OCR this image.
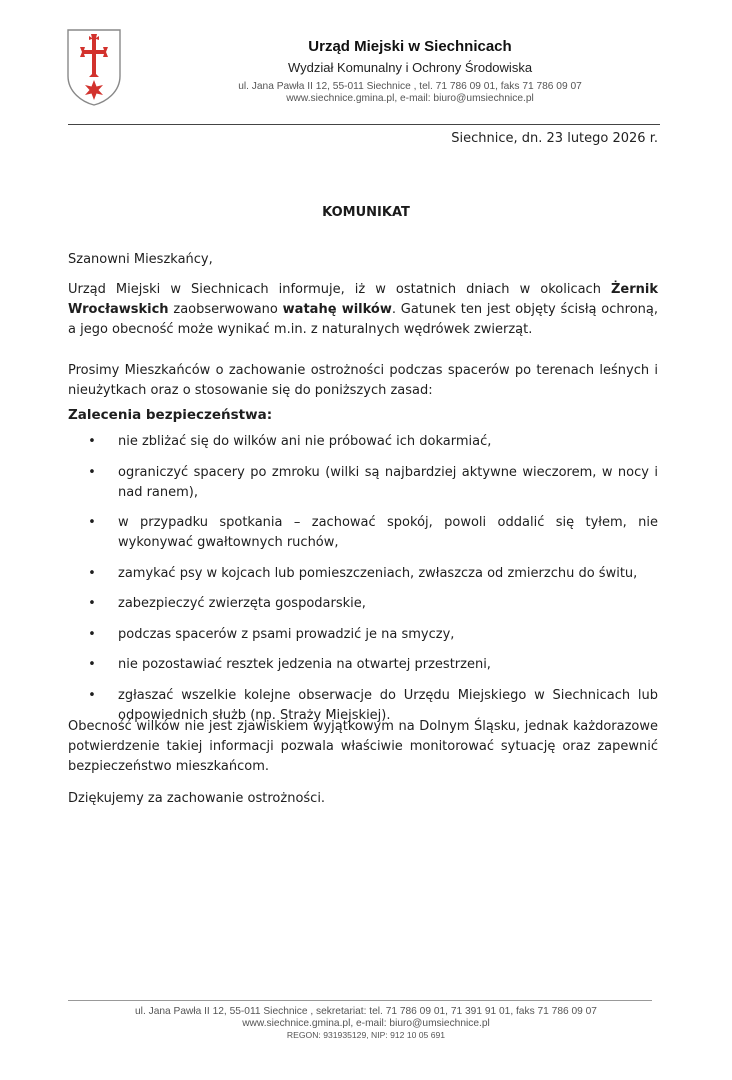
Urząd Miejski w Siechnicach
Wydział Komunalny i Ochrony Środowiska
ul. Jana Pawła II 12, 55-011 Siechnice , tel. 71 786 09 01, faks 71 786 09 07
www.siechnice.gmina.pl, e-mail: biuro@umsiechnice.pl
Siechnice, dn. 23 lutego 2026 r.
KOMUNIKAT
Szanowni Mieszkańcy,
Urząd Miejski w Siechnicach informuje, iż w ostatnich dniach w okolicach Żernik Wrocławskich zaobserwowano watahę wilków. Gatunek ten jest objęty ścisłą ochroną, a jego obecność może wynikać m.in. z naturalnych wędrówek zwierząt.
Prosimy Mieszkańców o zachowanie ostrożności podczas spacerów po terenach leśnych i nieużytkach oraz o stosowanie się do poniższych zasad:
Zalecenia bezpieczeństwa:
•	nie zbliżać się do wilków ani nie próbować ich dokarmiać,
•	ograniczyć spacery po zmroku (wilki są najbardziej aktywne wieczorem, w nocy i nad ranem),
•	w przypadku spotkania – zachować spokój, powoli oddalić się tyłem, nie wykonywać gwałtownych ruchów,
•	zamykać psy w kojcach lub pomieszczeniach, zwłaszcza od zmierzchu do świtu,
•	zabezpieczyć zwierzęta gospodarskie,
•	podczas spacerów z psami prowadzić je na smyczy,
•	nie pozostawiać resztek jedzenia na otwartej przestrzeni,
•	zgłaszać wszelkie kolejne obserwacje do Urzędu Miejskiego w Siechnicach lub odpowiednich służb (np. Straży Miejskiej).
Obecność wilków nie jest zjawiskiem wyjątkowym na Dolnym Śląsku, jednak każdorazowe potwierdzenie takiej informacji pozwala właściwie monitorować sytuację oraz zapewnić bezpieczeństwo mieszkańcom.
Dziękujemy za zachowanie ostrożności.
ul. Jana Pawła II 12, 55-011 Siechnice , sekretariat: tel. 71 786 09 01, 71 391 91 01, faks 71 786 09 07
www.siechnice.gmina.pl, e-mail: biuro@umsiechnice.pl
REGON: 931935129, NIP: 912 10 05 691
